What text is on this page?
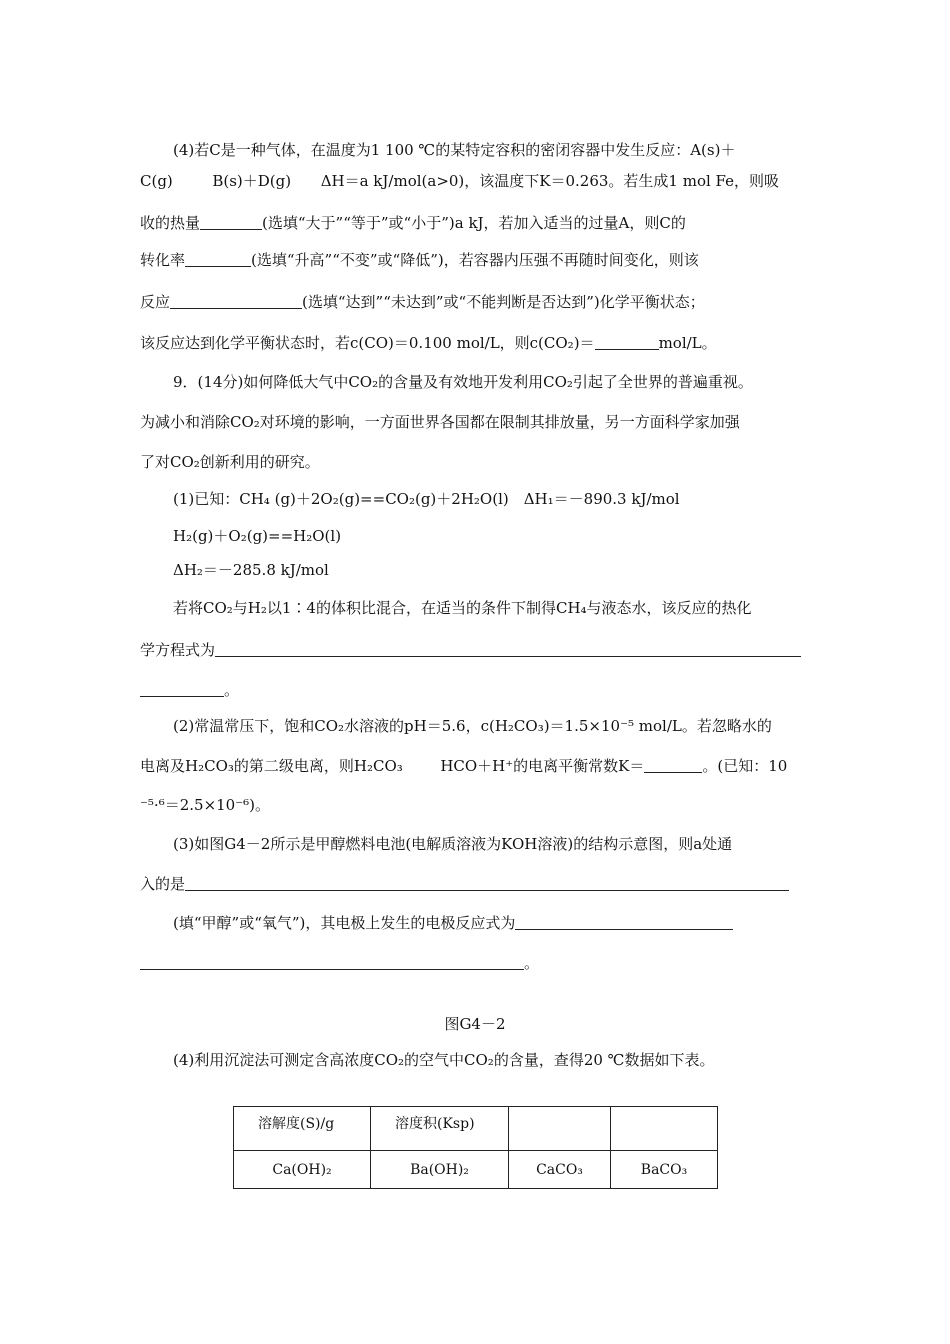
(4)若C是一种气体，在温度为1 100 ℃的某特定容积的密闭容器中发生反应：A(s)＋
C(g)	B(s)＋D(g) ΔH＝a kJ/mol(a>0)，该温度下K＝0.263。若生成1 mol Fe，则吸
收的热量	(选填“大于”“等于”或“小于”)a kJ，若加入适当的过量A，则C的
转化率	(选填“升高”“不变”或“降低”)，若容器内压强不再随时间变化，则该
反应	(选填“达到”“未达到”或“不能判断是否达到”)化学平衡状态；
该反应达到化学平衡状态时，若c(CO)＝0.100 mol/L，则c(CO₂)＝	mol/L。
9．(14分)如何降低大气中CO₂的含量及有效地开发利用CO₂引起了全世界的普遍重视。
为减小和消除CO₂对环境的影响，一方面世界各国都在限制其排放量，另一方面科学家加强
了对CO₂创新利用的研究。
(1)已知：CH₄ (g)＋2O₂(g)==CO₂(g)＋2H₂O(l)　ΔH₁＝－890.3 kJ/mol
H₂(g)＋O₂(g)==H₂O(l)
ΔH₂＝－285.8 kJ/mol
若将CO₂与H₂以1∶4的体积比混合，在适当的条件下制得CH₄与液态水，该反应的热化
学方程式为
。
(2)常温常压下，饱和CO₂水溶液的pH＝5.6，c(H₂CO₃)＝1.5×10⁻⁵ mol/L。若忽略水的
电离及H₂CO₃的第二级电离，则H₂CO₃	HCO＋H⁺的电离平衡常数K＝	。(已知：10
⁻⁵·⁶＝2.5×10⁻⁶)。
(3)如图G4－2所示是甲醇燃料电池(电解质溶液为KOH溶液)的结构示意图，则a处通
入的是
(填“甲醇”或“氧气”)，其电极上发生的电极反应式为
。
图G4－2
(4)利用沉淀法可测定含高浓度CO₂的空气中CO₂的含量，查得20 ℃数据如下表。
溶解度(S)/g	溶度积(Ksp)		
Ca(OH)₂	Ba(OH)₂	CaCO₃	BaCO₃
